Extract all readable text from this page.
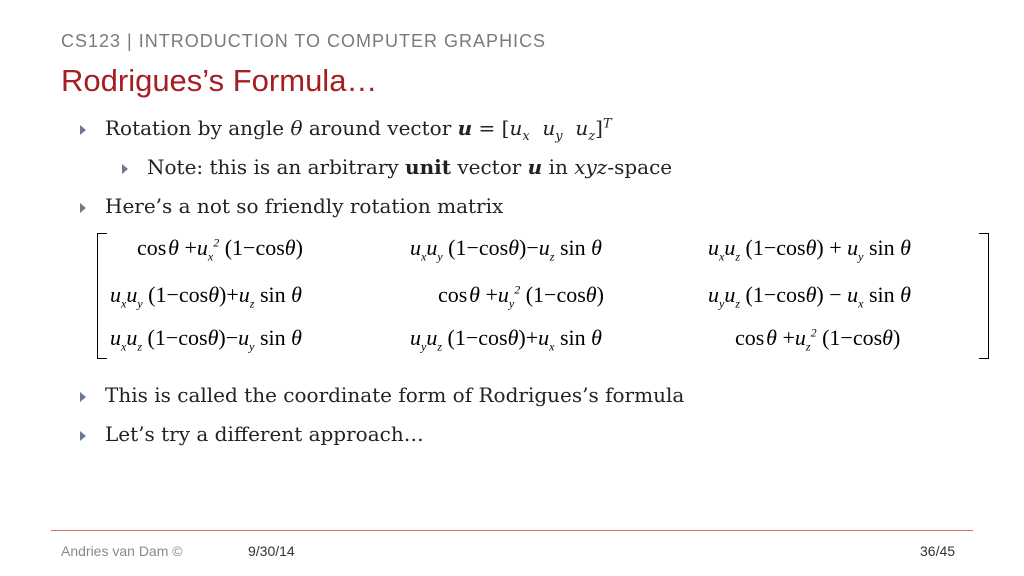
CS123 | INTRODUCTION TO COMPUTER GRAPHICS
Rodrigues’s Formula…
Rotation by angle θ around vector $u = [u_x$ $u_y$ $u_z]^T$
Note: this is an arbitrary unit vector u in xyz-space
Here’s a not so friendly rotation matrix
cos $\theta +u_x^2$ (1−cosθ)	$u_xu_y$ $(1-\cos\theta)-u_z$ sin θ	$u_xu_z$ $(1-\cos\theta) + u_y$ sin θ
$u_xu_y$ $(1-\cos\theta)+u_z$ sin θ	cos $\theta +u_y^2$ (1−cosθ)	$u_yu_z$ $(1-\cos\theta) - u_x$ sin θ
$u_xu_z$ $(1-\cos\theta)-u_y$ sin θ	$u_yu_z$ $(1-\cos\theta)+u_x$ sin θ	cos $\theta +u_z^2$ (1−cosθ)
This is called the coordinate form of Rodrigues’s formula
Let’s try a different approach…
Andries van Dam ©	9/30/14	36/45
